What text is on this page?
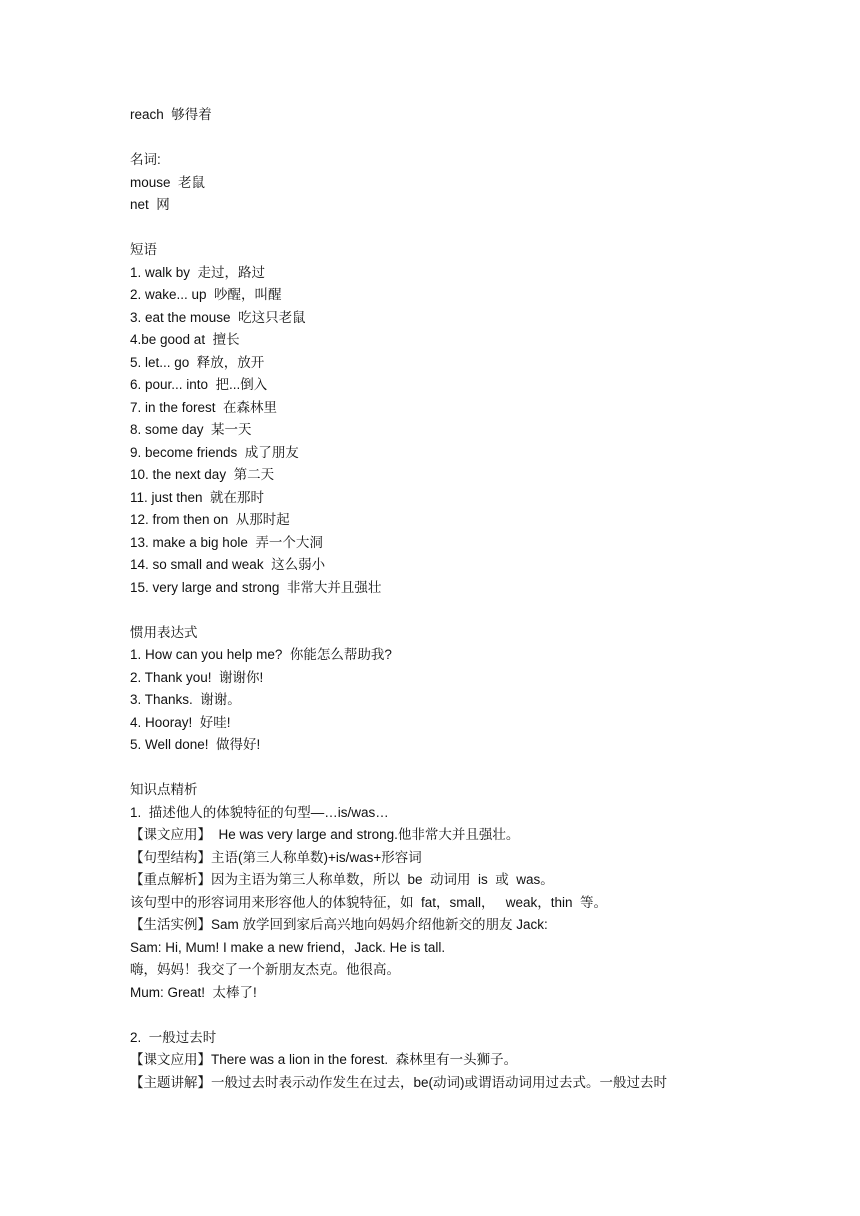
reach  够得着
名词:
mouse  老鼠
net  网
短语
1. walk by  走过，路过
2. wake... up  吵醒，叫醒
3. eat the mouse  吃这只老鼠
4.be good at  擅长
5. let... go  释放，放开
6. pour... into  把...倒入
7. in the forest  在森林里
8. some day  某一天
9. become friends  成了朋友
10. the next day  第二天
11. just then  就在那时
12. from then on  从那时起
13. make a big hole  弄一个大洞
14. so small and weak  这么弱小
15. very large and strong  非常大并且强壮
惯用表达式
1. How can you help me?  你能怎么帮助我?
2. Thank you!  谢谢你!
3. Thanks.  谢谢。
4. Hooray!  好哇!
5. Well done!  做得好!
知识点精析
1.  描述他人的体貌特征的句型—…is/was…
【课文应用】  He was very large and strong.他非常大并且强壮。
【句型结构】主语(第三人称单数)+is/was+形容词
【重点解析】因为主语为第三人称单数，所以  be  动词用  is  或  was。
该句型中的形容词用来形容他人的体貌特征，如  fat，small，   weak，thin  等。
【生活实例】Sam 放学回到家后高兴地向妈妈介绍他新交的朋友 Jack:
Sam: Hi, Mum! I make a new friend，Jack. He is tall.
嗨，妈妈！我交了一个新朋友杰克。他很高。
Mum: Great!  太棒了!
2.  一般过去时
【课文应用】There was a lion in the forest.  森林里有一头狮子。
【主题讲解】一般过去时表示动作发生在过去，be(动词)或谓语动词用过去式。一般过去时
